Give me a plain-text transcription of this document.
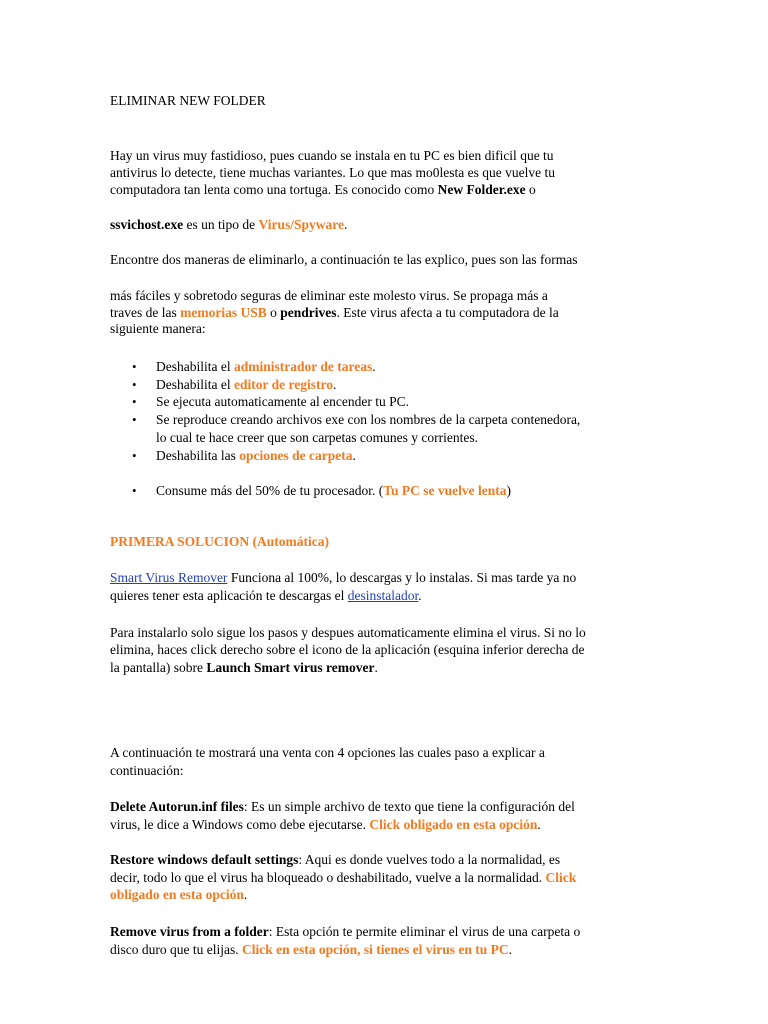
ELIMINAR NEW FOLDER
Hay un virus muy fastidioso, pues cuando se instala en tu PC es bien dificil que tu
antivirus lo detecte, tiene muchas variantes. Lo que mas mo0lesta es que vuelve tu
computadora tan lenta como una tortuga. Es conocido como New Folder.exe o
ssvichost.exe es un tipo de Virus/Spyware.
Encontre dos maneras de eliminarlo, a continuación te las explico, pues son las formas
más fáciles y sobretodo seguras de eliminar este molesto virus. Se propaga más a
traves de las memorias USB o pendrives. Este virus afecta a tu computadora de la
siguiente manera:
• Deshabilita el administrador de tareas.
• Deshabilita el editor de registro.
• Se ejecuta automaticamente al encender tu PC.
• Se reproduce creando archivos exe con los nombres de la carpeta contenedora,
lo cual te hace creer que son carpetas comunes y corrientes.
• Deshabilita las opciones de carpeta.
• Consume más del 50% de tu procesador. (Tu PC se vuelve lenta)
PRIMERA SOLUCION (Automática)
Smart Virus Remover Funciona al 100%, lo descargas y lo instalas. Si mas tarde ya no
quieres tener esta aplicación te descargas el desinstalador.
Para instalarlo solo sigue los pasos y despues automaticamente elimina el virus. Si no lo
elimina, haces click derecho sobre el icono de la aplicación (esquina inferior derecha de
la pantalla) sobre Launch Smart virus remover.
A continuación te mostrará una venta con 4 opciones las cuales paso a explicar a
continuación:
Delete Autorun.inf files: Es un simple archivo de texto que tiene la configuración del
virus, le dice a Windows como debe ejecutarse. Click obligado en esta opción.
Restore windows default settings: Aqui es donde vuelves todo a la normalidad, es
decir, todo lo que el virus ha bloqueado o deshabilitado, vuelve a la normalidad. Click
obligado en esta opción.
Remove virus from a folder: Esta opción te permite eliminar el virus de una carpeta o
disco duro que tu elijas. Click en esta opción, si tienes el virus en tu PC.
